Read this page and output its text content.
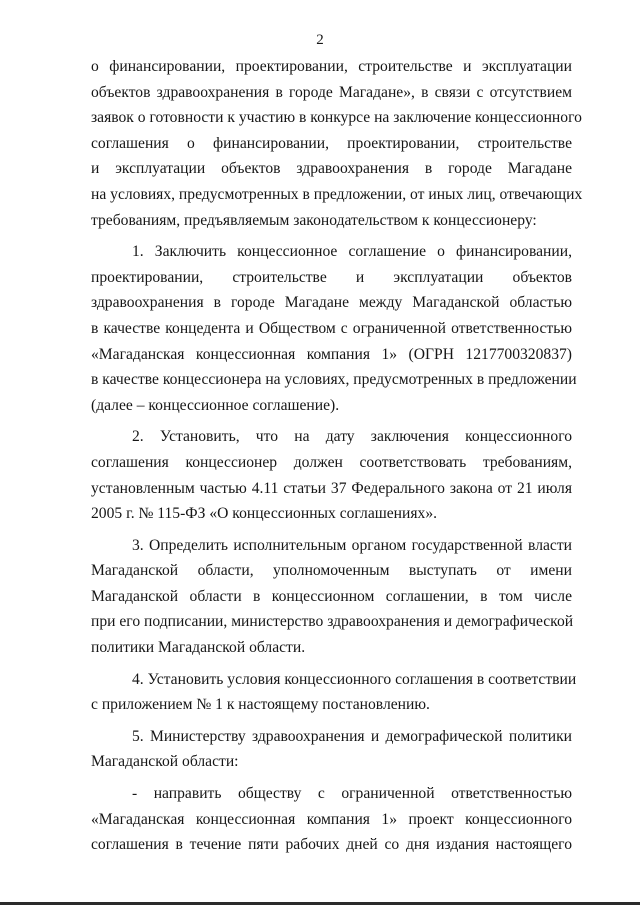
2
о финансировании, проектировании, строительстве и эксплуатации
объектов здравоохранения в городе Магадане», в связи с отсутствием
заявок о готовности к участию в конкурсе на заключение концессионного
соглашения о финансировании, проектировании, строительстве
и эксплуатации объектов здравоохранения в городе Магадане
на условиях, предусмотренных в предложении, от иных лиц, отвечающих
требованиям, предъявляемым законодательством к концессионеру:
1. Заключить концессионное соглашение о финансировании,
проектировании, строительстве и эксплуатации объектов
здравоохранения в городе Магадане между Магаданской областью
в качестве концедента и Обществом с ограниченной ответственностью
«Магаданская концессионная компания 1» (ОГРН 1217700320837)
в качестве концессионера на условиях, предусмотренных в предложении
(далее – концессионное соглашение).
2. Установить, что на дату заключения концессионного
соглашения концессионер должен соответствовать требованиям,
установленным частью 4.11 статьи 37 Федерального закона от 21 июля
2005 г. № 115-ФЗ «О концессионных соглашениях».
3. Определить исполнительным органом государственной власти
Магаданской области, уполномоченным выступать от имени
Магаданской области в концессионном соглашении, в том числе
при его подписании, министерство здравоохранения и демографической
политики Магаданской области.
4. Установить условия концессионного соглашения в соответствии
с приложением № 1 к настоящему постановлению.
5. Министерству здравоохранения и демографической политики
Магаданской области:
- направить обществу с ограниченной ответственностью
«Магаданская концессионная компания 1» проект концессионного
соглашения в течение пяти рабочих дней со дня издания настоящего
